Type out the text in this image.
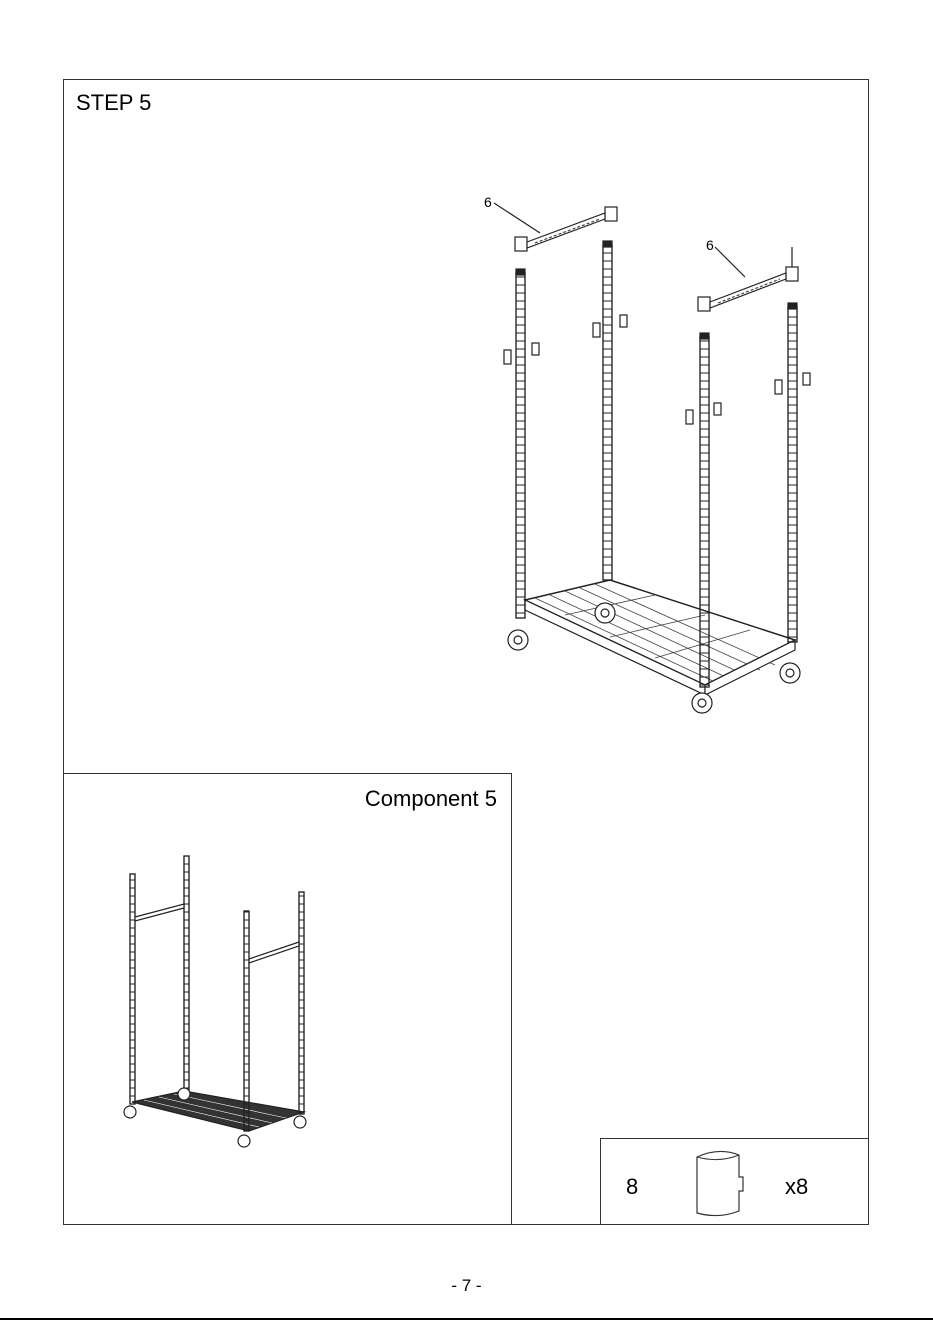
STEP 5
6
6
Component 5
8	x8
- 7 -
